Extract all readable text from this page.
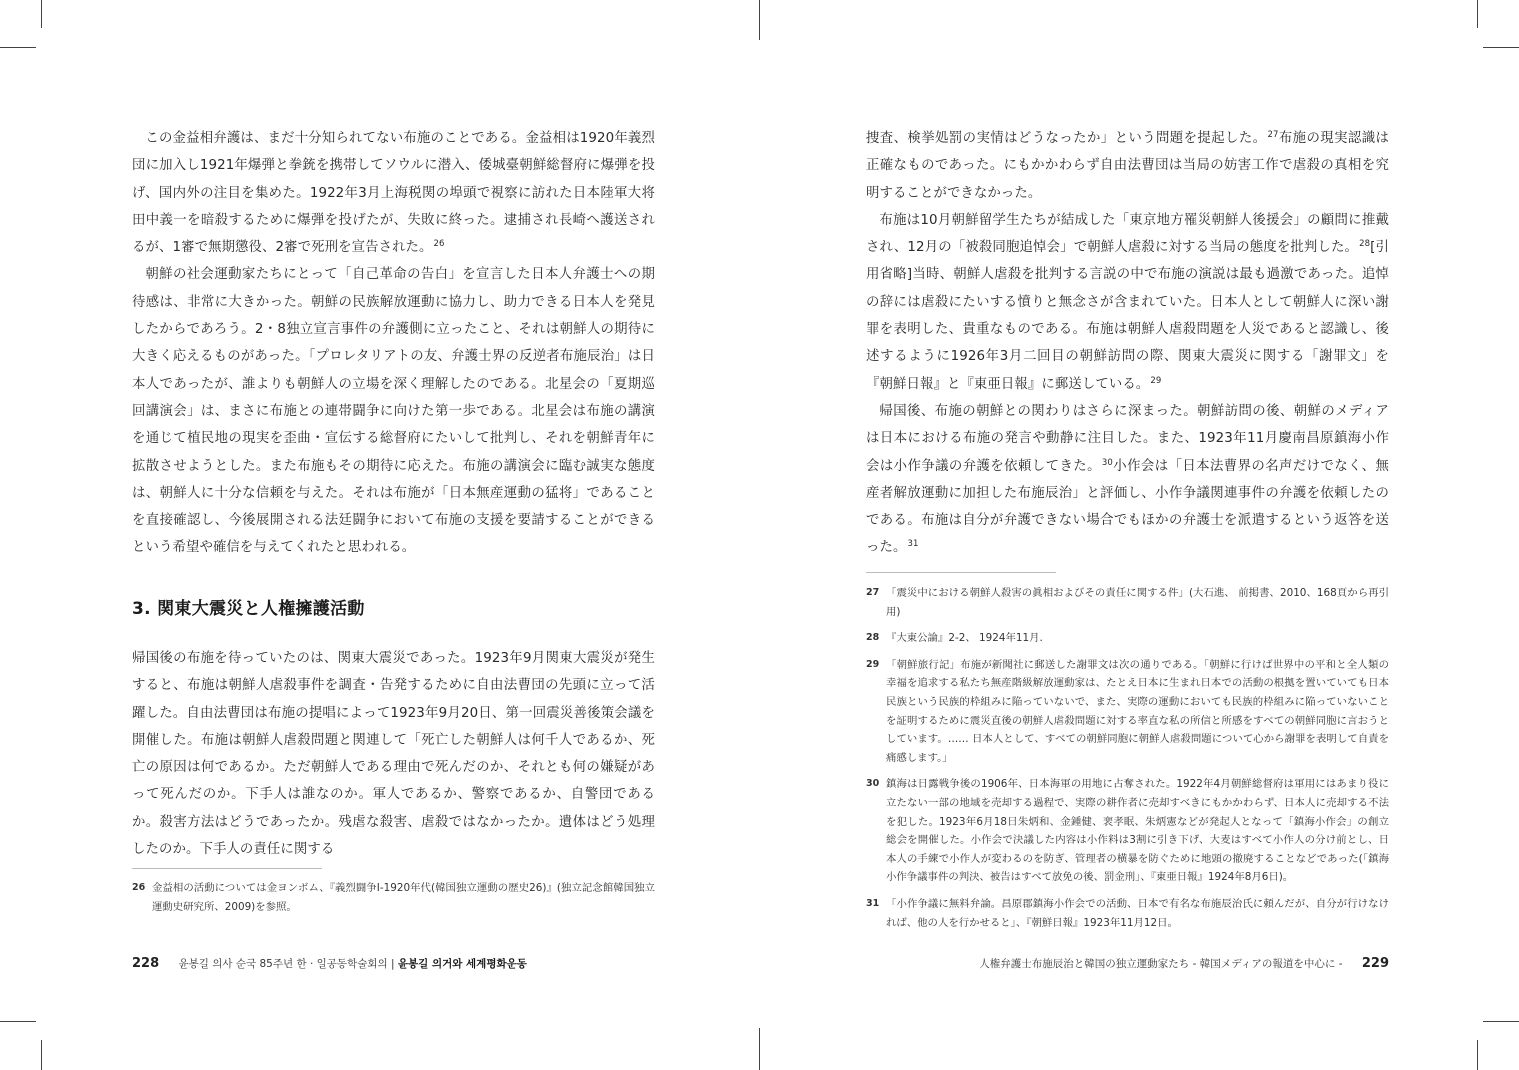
この金益相弁護は、まだ十分知られてない布施のことである。金益相は1920年義烈団に加入し1921年爆弾と拳銃を携帯してソウルに潜入、倭城臺朝鮮総督府に爆弾を投げ、国内外の注目を集めた。1922年3月上海税関の埠頭で視察に訪れた日本陸軍大将田中義一を暗殺するために爆弾を投げたが、失敗に終った。逮捕され長崎へ護送されるが、1審で無期懲役、2審で死刑を宣告された。$^{26}$

朝鮮の社会運動家たちにとって「自己革命の告白」を宣言した日本人弁護士への期待感は、非常に大きかった。朝鮮の民族解放運動に協力し、助力できる日本人を発見したからであろう。2・8独立宣言事件の弁護側に立ったこと、それは朝鮮人の期待に大きく応えるものがあった。「プロレタリアトの友、弁護士界の反逆者布施辰治」は日本人であったが、誰よりも朝鮮人の立場を深く理解したのである。北星会の「夏期巡回講演会」は、まさに布施との連帯闘争に向けた第一歩である。北星会は布施の講演を通じて植民地の現実を歪曲・宣伝する総督府にたいして批判し、それを朝鮮青年に拡散させようとした。また布施もその期待に応えた。布施の講演会に臨む誠実な態度は、朝鮮人に十分な信頼を与えた。それは布施が「日本無産運動の猛将」であることを直接確認し、今後展開される法廷闘争において布施の支援を要請することができるという希望や確信を与えてくれたと思われる。

3. 関東大震災と人権擁護活動

帰国後の布施を待っていたのは、関東大震災であった。1923年9月関東大震災が発生すると、布施は朝鮮人虐殺事件を調査・告発するために自由法曹団の先頭に立って活躍した。自由法曹団は布施の提唱によって1923年9月20日、第一回震災善後策会議を開催した。布施は朝鮮人虐殺問題と関連して「死亡した朝鮮人は何千人であるか、死亡の原因は何であるか。ただ朝鮮人である理由で死んだのか、それとも何の嫌疑があって死んだのか。下手人は誰なのか。軍人であるか、警察であるか、自警団であるか。殺害方法はどうであったか。残虐な殺害、虐殺ではなかったか。遺体はどう処理したのか。下手人の責任に関する

26 金益相の活動については金ヨンボム、『義烈闘争Ⅰ-1920年代(韓国独立運動の歴史26)』(独立記念館韓国独立運動史研究所、2009)を参照。
228 윤봉길 의사 순국 85주년 한 · 일공동학술회의 | 윤봉길 의거와 세계평화운동

捜査、検挙処罰の実情はどうなったか」という問題を提起した。$^{27}$布施の現実認識は正確なものであった。にもかかわらず自由法曹団は当局の妨害工作で虐殺の真相を究明することができなかった。

布施は10月朝鮮留学生たちが結成した「東京地方罹災朝鮮人後援会」の顧問に推戴され、12月の「被殺同胞追悼会」で朝鮮人虐殺に対する当局の態度を批判した。$^{28}$[引用省略]当時、朝鮮人虐殺を批判する言説の中で布施の演説は最も過激であった。追悼の辞には虐殺にたいする憤りと無念さが含まれていた。日本人として朝鮮人に深い謝罪を表明した、貴重なものである。布施は朝鮮人虐殺問題を人災であると認識し、後述するように1926年3月二回目の朝鮮訪問の際、関東大震災に関する「謝罪文」を『朝鮮日報』と『東亜日報』に郵送している。$^{29}$

帰国後、布施の朝鮮との関わりはさらに深まった。朝鮮訪問の後、朝鮮のメディアは日本における布施の発言や動静に注目した。また、1923年11月慶南昌原鎮海小作会は小作争議の弁護を依頼してきた。$^{30}$小作会は「日本法曹界の名声だけでなく、無産者解放運動に加担した布施辰治」と評価し、小作争議関連事件の弁護を依頼したのである。布施は自分が弁護できない場合でもほかの弁護士を派遣するという返答を送った。$^{31}$

27 「震災中における朝鮮人殺害の眞相およびその責任に関する件」(大石進、 前掲書、2010、168頁から再引用)
28 『大東公論』2-2、 1924年11月.
29 「朝鮮旅行記」布施が新聞社に郵送した謝罪文は次の通りである。「朝鮮に行けば世界中の平和と全人類の幸福を追求する私たち無産階級解放運動家は、たとえ日本に生まれ日本での活動の根拠を置いていても日本民族という民族的枠組みに陥っていないで、また、実際の運動においても民族的枠組みに陥っていないことを証明するために震災直後の朝鮮人虐殺問題に対する率直な私の所信と所感をすべての朝鮮同胞に言おうとしています。…… 日本人として、すべての朝鮮同胞に朝鮮人虐殺問題について心から謝罪を表明して自責を痛感します。」
30 鎮海は日露戦争後の1906年、日本海軍の用地に占奪された。1922年4月朝鮮総督府は軍用にはあまり役に立たない一部の地域を売却する過程で、実際の耕作者に売却すべきにもかかわらず、日本人に売却する不法を犯した。1923年6月18日朱炳和、金鍾健、裵孝眠、朱炳憲などが発起人となって「鎮海小作会」の創立総会を開催した。小作会で決議した内容は小作料は3割に引き下げ、大麦はすべて小作人の分け前とし、日本人の手練で小作人が変わるのを防ぎ、管理者の横暴を防ぐために地頭の撤廃することなどであった(「鎮海小作争議事件の判決、被告はすべて放免の後、罰金刑」、『東亜日報』1924年8月6日)。
31 「小作争議に無料弁論。昌原郡鎮海小作会での活動、日本で有名な布施辰治氏に頼んだが、自分が行けなければ、他の人を行かせると」、『朝鮮日報』1923年11月12日。
人権弁護士布施辰治と韓国の独立運動家たち - 韓国メディアの報道を中心に - 229
